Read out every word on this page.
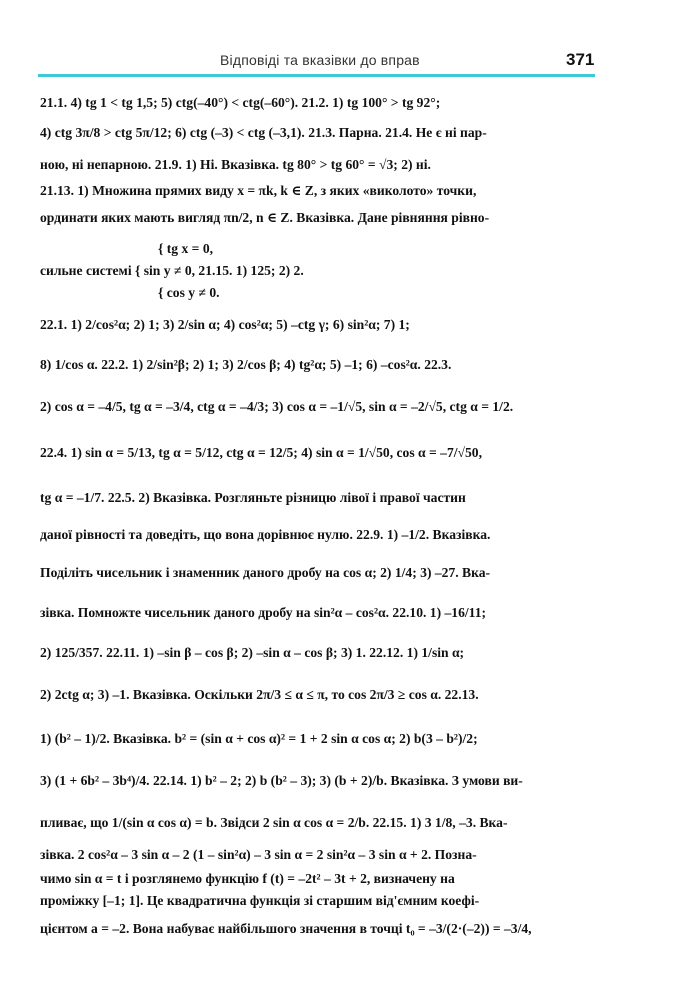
Відповіді та вказівки до вправ	371
21.1. 4) tg 1 < tg 1,5; 5) ctg(–40°) < ctg(–60°). 21.2. 1) tg 100° > tg 92°;
4) ctg 3π/8 > ctg 5π/12; 6) ctg (–3) < ctg (–3,1). 21.3. Парна. 21.4. Не є ні пар-
ною, ні непарною. 21.9. 1) Ні. Вказівка. tg 80° > tg 60° = √3; 2) ні.
21.13. 1) Множина прямих виду x = πk, k ∈ Z, з яких «виколото» точки,
ординати яких мають вигляд πn/2, n ∈ Z. Вказівка. Дане рівняння рівно-
{ tg x = 0,
сильне системі { sin y ≠ 0, 21.15. 1) 125; 2) 2.
{ cos y ≠ 0.
22.1. 1) 2/cos²α; 2) 1; 3) 2/sin α; 4) cos²α; 5) –ctg γ; 6) sin²α; 7) 1;
8) 1/cos α. 22.2. 1) 2/sin²β; 2) 1; 3) 2/cos β; 4) tg²α; 5) –1; 6) –cos²α. 22.3.
2) cos α = –4/5, tg α = –3/4, ctg α = –4/3; 3) cos α = –1/√5, sin α = –2/√5, ctg α = 1/2.
22.4. 1) sin α = 5/13, tg α = 5/12, ctg α = 12/5; 4) sin α = 1/√50, cos α = –7/√50,
tg α = –1/7. 22.5. 2) Вказівка. Розгляньте різницю лівої і правої частин
даної рівності та доведіть, що вона дорівнює нулю. 22.9. 1) –1/2. Вказівка.
Поділіть чисельник і знаменник даного дробу на cos α; 2) 1/4; 3) –27. Вка-
зівка. Помножте чисельник даного дробу на sin²α – cos²α. 22.10. 1) –16/11;
2) 125/357. 22.11. 1) –sin β – cos β; 2) –sin α – cos β; 3) 1. 22.12. 1) 1/sin α;
2) 2ctg α; 3) –1. Вказівка. Оскільки 2π/3 ≤ α ≤ π, то cos 2π/3 ≥ cos α. 22.13.
1) (b² – 1)/2. Вказівка. b² = (sin α + cos α)² = 1 + 2 sin α cos α; 2) b(3 – b²)/2;
3) (1 + 6b² – 3b⁴)/4. 22.14. 1) b² – 2; 2) b (b² – 3); 3) (b + 2)/b. Вказівка. З умови ви-
пливає, що 1/(sin α cos α) = b. Звідси 2 sin α cos α = 2/b. 22.15. 1) 3 1/8, –3. Вка-
зівка. 2 cos²α – 3 sin α – 2 (1 – sin²α) – 3 sin α = 2 sin²α – 3 sin α + 2. Позна-
чимо sin α = t і розглянемо функцію f (t) = –2t² – 3t + 2, визначену на
проміжку [–1; 1]. Це квадратична функція зі старшим від'ємним коефі-
цієнтом a = –2. Вона набуває найбільшого значення в точці t₀ = –3/(2·(–2)) = –3/4,
